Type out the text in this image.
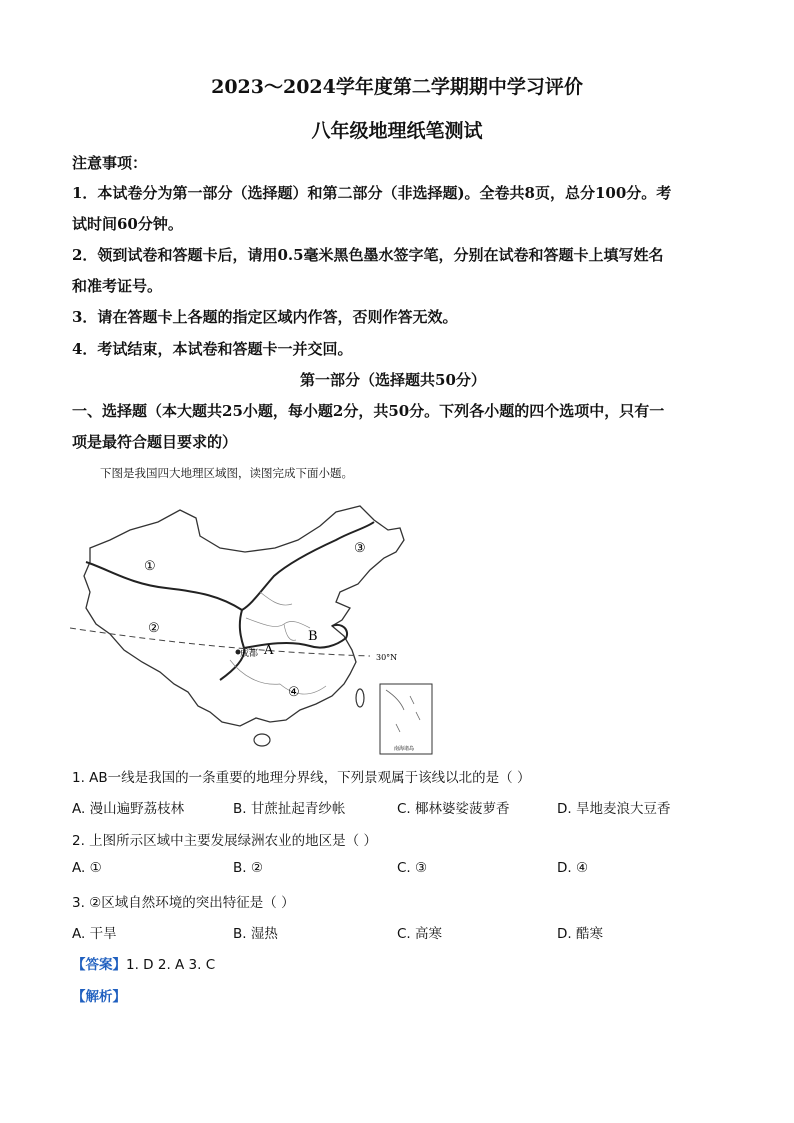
2023～2024学年度第二学期期中学习评价
八年级地理纸笔测试
注意事项：
1．本试卷分为第一部分（选择题）和第二部分（非选择题)。全卷共8页，总分100分。考
试时间60分钟。
2．领到试卷和答题卡后，请用0.5毫米黑色墨水签字笔，分别在试卷和答题卡上填写姓名
和准考证号。
3．请在答题卡上各题的指定区域内作答，否则作答无效。
4．考试结束，本试卷和答题卡一并交回。
第一部分（选择题共50分）
一、选择题（本大题共25小题，每小题2分，共50分。下列各小题的四个选项中，只有一
项是最符合题目要求的）
下图是我国四大地理区域图，读图完成下面小题。
①
②
③
④
A
B
成都	30°N
南海诸岛
1. AB一线是我国的一条重要的地理分界线，下列景观属于该线以北的是（ ）
A. 漫山遍野荔枝林	B. 甘蔗扯起青纱帐	C. 椰林婆娑菠萝香	D. 旱地麦浪大豆香
2. 上图所示区域中主要发展绿洲农业的地区是（ ）
A. ①	B. ②	C. ③	D. ④
3. ②区域自然环境的突出特征是（ ）
A. 干旱	B. 湿热	C. 高寒	D. 酷寒
【答案】1. D 2. A 3. C
【解析】
